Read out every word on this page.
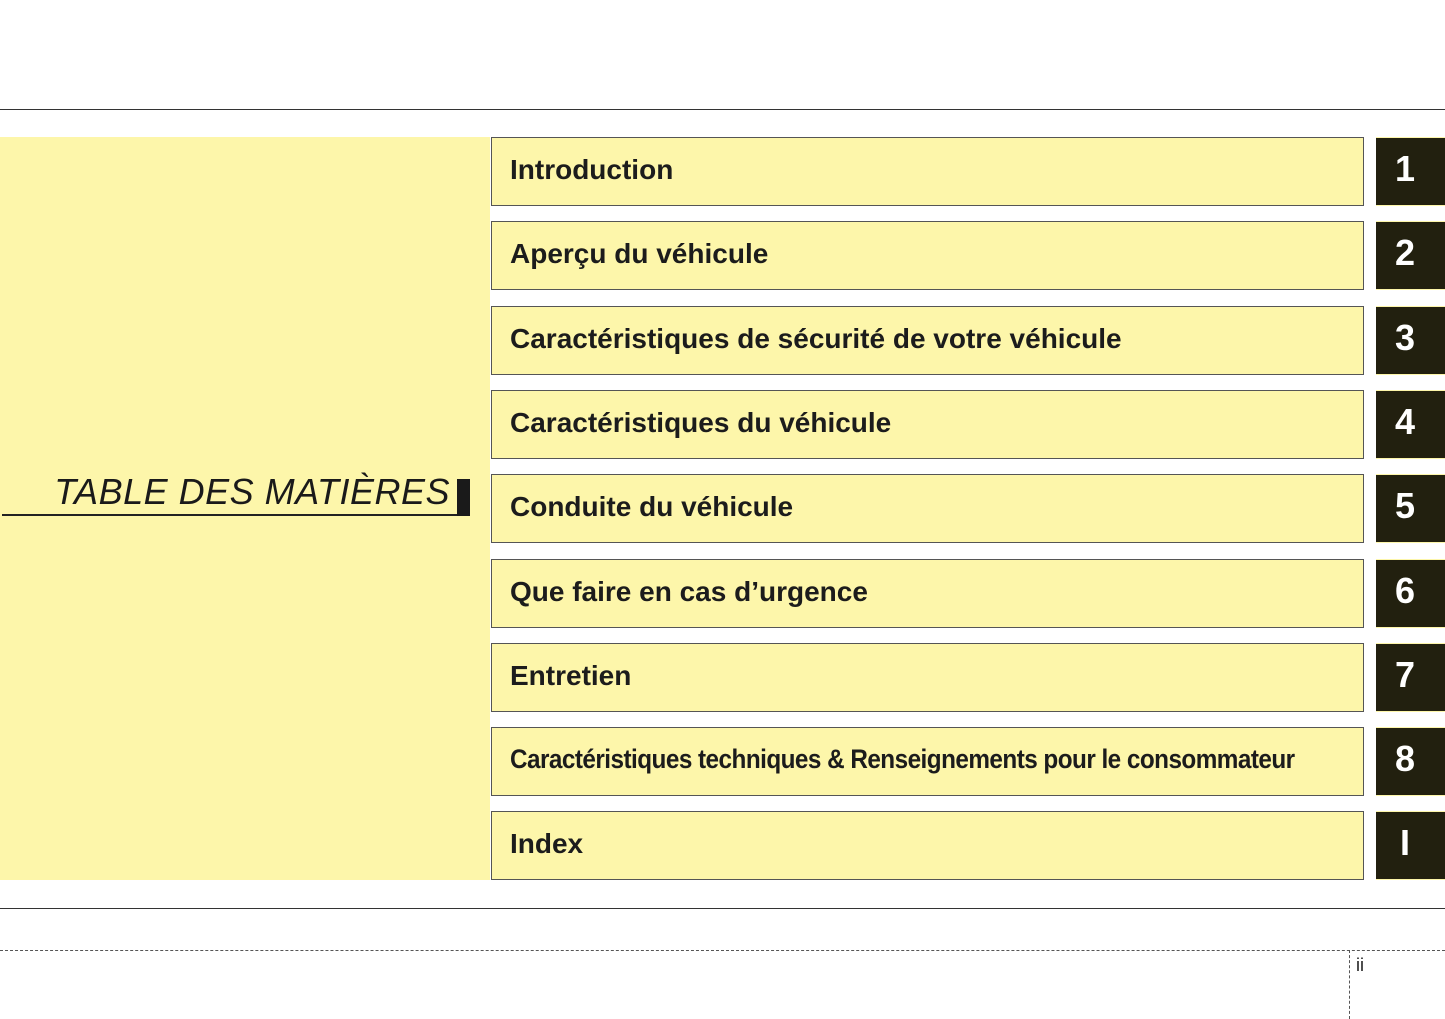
TABLE DES MATIÈRES
Introduction	1
Aperçu du véhicule	2
Caractéristiques de sécurité de votre véhicule	3
Caractéristiques du véhicule	4
Conduite du véhicule	5
Que faire en cas d’urgence	6
Entretien	7
Caractéristiques techniques & Renseignements pour le consommateur	8
Index	I
ii
